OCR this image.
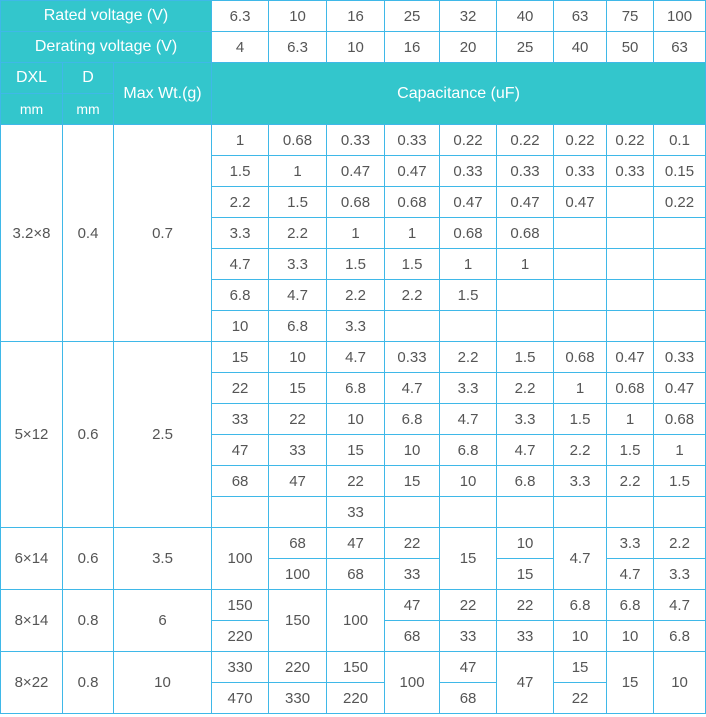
Rated voltage (V)			6.3	10	16	25	32	40	63	75	100
Derating voltage (V)			4	6.3	10	16	20	25	40	50	63
DXL	D	Max Wt.(g)	Capacitance (uF)								
mm	mm										
3.2×8	0.4	0.7	1	0.68	0.33	0.33	0.22	0.22	0.22	0.22	0.1
			1.5	1	0.47	0.47	0.33	0.33	0.33	0.33	0.15
			2.2	1.5	0.68	0.68	0.47	0.47	0.47		0.22
			3.3	2.2	1	1	0.68	0.68			
			4.7	3.3	1.5	1.5	1	1			
			6.8	4.7	2.2	2.2	1.5				
			10	6.8	3.3						
5×12	0.6	2.5	15	10	4.7	0.33	2.2	1.5	0.68	0.47	0.33
			22	15	6.8	4.7	3.3	2.2	1	0.68	0.47
			33	22	10	6.8	4.7	3.3	1.5	1	0.68
			47	33	15	10	6.8	4.7	2.2	1.5	1
			68	47	22	15	10	6.8	3.3	2.2	1.5
					33						
6×14	0.6	3.5	100	68	47	22	15	10	4.7	3.3	2.2
				100	68	33		15		4.7	3.3
8×14	0.8	6	150	150	100	47	22	22	6.8	6.8	4.7
			220			68	33	33	10	10	6.8
8×22	0.8	10	330	220	150	100	47	47	15	15	10
			470	330	220		68		22		
